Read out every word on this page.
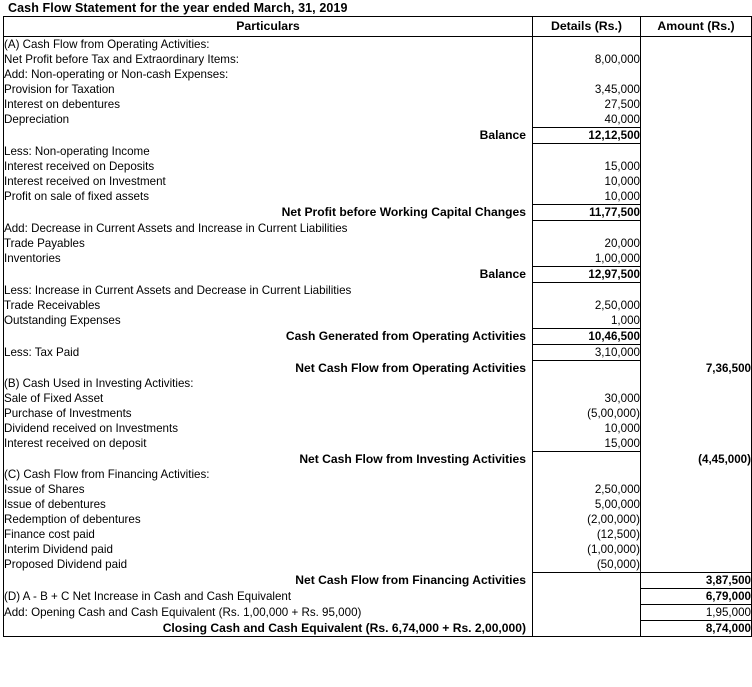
Cash Flow Statement for the year ended March, 31, 2019
Particulars	Details (Rs.)	Amount (Rs.)
(A) Cash Flow from Operating Activities:		
Net Profit before Tax and Extraordinary Items:	8,00,000	
Add: Non-operating or Non-cash Expenses:		
Provision for Taxation	3,45,000	
Interest on debentures	27,500	
Depreciation	40,000	
Balance	12,12,500	
Less: Non-operating Income		
Interest received on Deposits	15,000	
Interest received on Investment	10,000	
Profit on sale of fixed assets	10,000	
Net Profit before Working Capital Changes	11,77,500	
Add: Decrease in Current Assets and Increase in Current Liabilities		
Trade Payables	20,000	
Inventories	1,00,000	
Balance	12,97,500	
Less: Increase in Current Assets and Decrease in Current Liabilities		
Trade Receivables	2,50,000	
Outstanding Expenses	1,000	
Cash Generated from Operating Activities	10,46,500	
Less: Tax Paid	3,10,000	
Net Cash Flow from Operating Activities		7,36,500
(B) Cash Used in Investing Activities:		
Sale of Fixed Asset	30,000	
Purchase of Investments	(5,00,000)	
Dividend received on Investments	10,000	
Interest received on deposit	15,000	
Net Cash Flow from Investing Activities		(4,45,000)
(C) Cash Flow from Financing Activities:		
Issue of Shares	2,50,000	
Issue of debentures	5,00,000	
Redemption of debentures	(2,00,000)	
Finance cost paid	(12,500)	
Interim Dividend paid	(1,00,000)	
Proposed Dividend paid	(50,000)	
Net Cash Flow from Financing Activities		3,87,500
(D) A - B + C Net Increase in Cash and Cash Equivalent		6,79,000
Add: Opening Cash and Cash Equivalent (Rs. 1,00,000 + Rs. 95,000)		1,95,000
Closing Cash and Cash Equivalent (Rs. 6,74,000 + Rs. 2,00,000)		8,74,000
